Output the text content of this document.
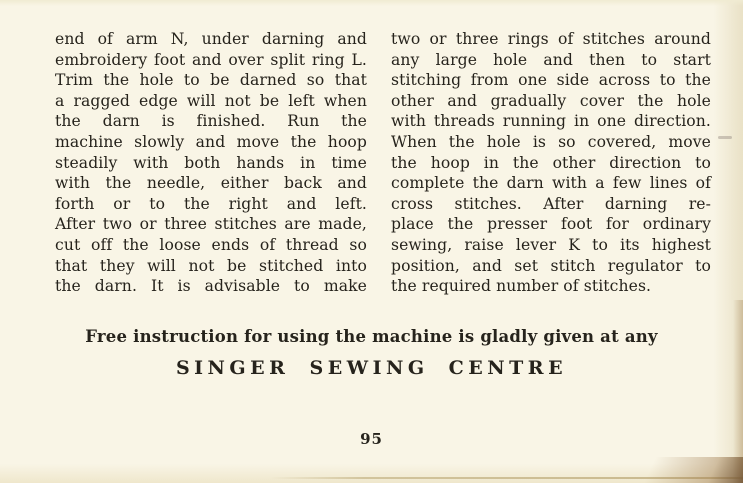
end of arm N, under darning and
embroidery foot and over split ring L.
Trim the hole to be darned so that
a ragged edge will not be left when
the darn is finished. Run the
machine slowly and move the hoop
steadily with both hands in time
with the needle, either back and
forth or to the right and left.
After two or three stitches are made,
cut off the loose ends of thread so
that they will not be stitched into
the darn. It is advisable to make
two or three rings of stitches around
any large hole and then to start
stitching from one side across to the
other and gradually cover the hole
with threads running in one direction.
When the hole is so covered, move
the hoop in the other direction to
complete the darn with a few lines of
cross stitches. After darning re-
place the presser foot for ordinary
sewing, raise lever K to its highest
position, and set stitch regulator to
the required number of stitches.
Free instruction for using the machine is gladly given at any
SINGER SEWING CENTRE
95
